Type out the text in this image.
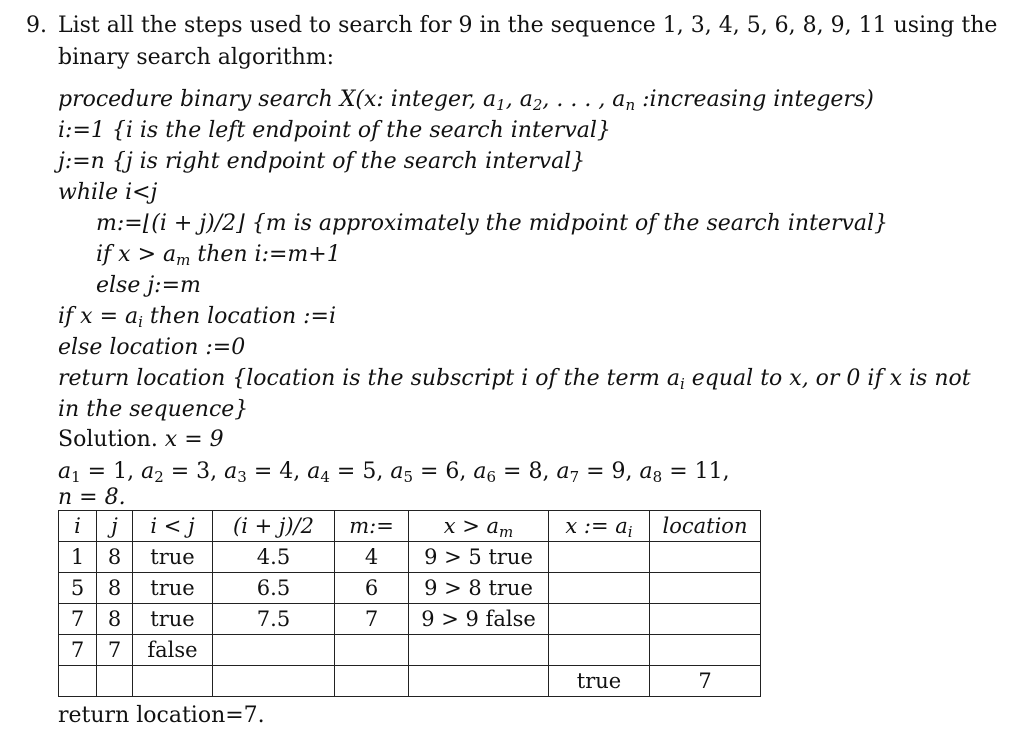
9. List all the steps used to search for 9 in the sequence 1, 3, 4, 5, 6, 8, 9, 11 using the
binary search algorithm:
procedure binary search X(x: integer, $a_1$, $a_2$, . . . , $a_n$ :increasing integers)
i:=1 {i is the left endpoint of the search interval}
j:=n {j is right endpoint of the search interval}
while i<j
m:=⌊(i + j)/2⌋ {m is approximately the midpoint of the search interval}
if $x > a_m$ then i:=m+1
else j:=m
if $x = a_i$ then location :=i
else location :=0
return location {location is the subscript i of the term $a_i$ equal to x, or 0 if x is not
in the sequence}
Solution. x = 9
$a_1 = 1$, $a_2 = 3$, $a_3 = 4$, $a_4 = 5$, $a_5 = 6$, $a_6 = 8$, $a_7 = 9$, $a_8 = 11$,
n = 8.
i	j	i < j	(i + j)/2	m:=	$x > a_m$	x := $a_i$	location
1	8	true	4.5	4	9 > 5 true		
5	8	true	6.5	6	9 > 8 true		
7	8	true	7.5	7	9 > 9 false		
7	7	false					
						true	7
return location=7.
